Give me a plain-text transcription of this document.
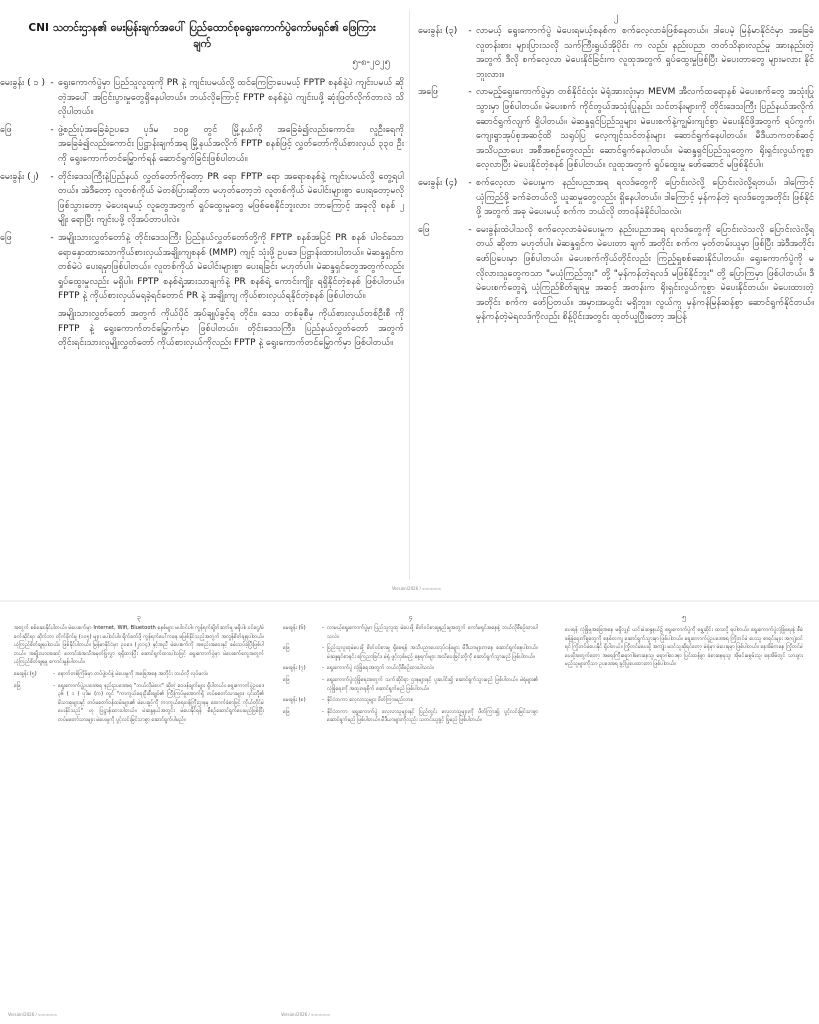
CNI သတင်းဌာန၏ မေးမြန်းချက်အပေါ် ပြည်ထောင်စုရွေးကောက်ပွဲကော်မရှင်၏ ဖြေကြားချက်
၅-၈-၂၀၂၅
မေးခွန်း ( ၁ ) - ရွေးကောက်ပွဲမှာ ပြည်သူလူထုကို PR နဲ့ ကျင်းပမယ်လို့ ထင်ကြေငြာပေမယ့် FPTP စနစ်နဲ့ပဲ ကျင်းပမယ် ဆိုတဲ့အပေါ် အငြင်းပွားမှုတွေရှိနေပါတယ်။ ဘယ်လိုကြောင့် FPTP စနစ်နဲ့ပဲ ကျင်းပဖို့ ဆုံးဖြတ်လိုက်တာလဲ သိလိုပါတယ်။
ဖြေ	- ဖွဲ့စည်းပုံအခြေခံဥပဒေ ပုဒ်မ ၁၀၉ တွင် မြို့နယ်ကို အခြေခံ၍လည်းကောင်း၊ လူဦးရေကိုအခြေခံ၍လည်းကောင်း ပြဋ္ဌာန်းချက်အရ မြို့နယ်အလိုက် FPTP စနစ်ဖြင့် လွှတ်တော်ကိုယ်စားလှယ် ၃၃၀ ဦးကို ရွေးကောက်တင်မြှောက်ရန် ဆောင်ရွက်ခြင်းဖြစ်ပါတယ်။
မေးခွန်း (၂)	- တိုင်းဒေသကြီးနဲ့ပြည်နယ် လွှတ်တော်ကိုတော့ PR ရော FPTP ရော အရောစနစ်နဲ့ ကျင်းပမယ်လို့ တွေ့ရပါတယ်။ အဲဒီတော့ လူတစ်ကိုယ် မဲတစ်ပြားဆိုတာ မဟုတ်တော့ဘဲ လူတစ်ကိုယ် မဲပေါင်းများစွာ ပေးရတော့မလို ဖြစ်သွားတော့ မဲပေးရမယ့် လူတွေအတွက် ရှုပ်ထွေးမှုတွေ မဖြစ်စေနိုင်ဘူးလား ဘာကြောင့် အခုလို စနစ် ၂ မျိုး ရောပြီး ကျင်းပဖို့ လိုအပ်တာပါလဲ။
ဖြေ	- အမျိုးသားလွှတ်တော်နဲ့ တိုင်းဒေသကြီး ပြည်နယ်လွှတ်တော်တို့ကို FPTP စနစ်အပြင် PR စနစ် ပါဝင်သော ရောနှောထားသောကိုယ်စားလှယ်အချိုးကျစနစ် (MMP) ကျင့် သုံးဖို့ ဥပဒေ ပြဋ္ဌာန်းထားပါတယ်။ မဲဆန္ဒရှင်က တစ်မဲပဲ ပေးရမှာဖြစ်ပါတယ်။ လူတစ်ကိုယ် မဲပေါင်းများစွာ ပေးရခြင်း မဟုတ်ပါ။ မဲဆန္ဒရှင်တွေအတွက်လည်း ရှုပ်ထွေးမှုလည်း မရှိပါ။ FPTP စနစ်ရဲ့အားသာချက်နဲ့ PR စနစ်ရဲ့ ကောင်းကျိုး ရရှိနိုင်တဲ့စနစ် ဖြစ်ပါတယ်။ FPTP နဲ့ ကိုယ်စားလှယ်မရခဲ့ရင်တောင် PR နဲ့ အချိုးကျ ကိုယ်စားလှယ်ရနိုင်တဲ့စနစ် ဖြစ်ပါတယ်။
အမျိုးသားလွှတ်တော် အတွက် ကိုယ်ပိုင် အုပ်ချုပ်ခွင့်ရ တိုင်း၊ ဒေသ တစ်ခုစီမှ ကိုယ်စားလှယ်တစ်ဦးစီ ကို FPTP နဲ့ ရွေးကောက်တင်မြှောက်မှာ ဖြစ်ပါတယ်။ တိုင်းဒေသကြီး၊ ပြည်နယ်လွှတ်တော် အတွက် တိုင်းရင်းသားလူမျိုးလွှတ်တော် ကိုယ်စားလှယ်ကိုလည်း FPTP နဲ့ ရွေးကောက်တင်မြှောက်မှာ ဖြစ်ပါတယ်။
၂
မေးခွန်း (၃)	- လာမယ့် ရွေးကောက်ပွဲ မဲပေးရမယ့်စနစ်က စက်လေ့လာခံဖြစ်နေတယ်။ ဒါပေမဲ့ မြန်မာနိုင်ငံမှာ အခြေခံလူတန်းစား များပြားသလို သက်ကြီးရွယ်အိုပိုင်း က လည်း နည်းပညာ တတ်သိနားလည်မှု အားနည်းတဲ့အတွက် ဒီလို စက်လေ့လာ မဲပေးနိုင်ခြင်းက လူထုအတွက် ရှုပ်ထွေးမှုဖြစ်ပြီး မဲပေးတာတွေ များမလား နိုင် ဘူးလား။
အဖြေ	- လာမည့်ရွေးကောက်ပွဲမှာ တစ်နိုင်ငံလုံး မဲရုံအားလုံးမှာ MEVM အီလက်ထရောနစ် မဲပေးစက်တွေ အသုံးပြုသွားမှာ ဖြစ်ပါတယ်။ မဲပေးစက် ကိုင်တွယ်အသုံးပြုနည်း သင်တန်းများကို တိုင်းဒေသကြီး ပြည်နယ်အလိုက် ဆောင်ရွက်လျက် ရှိပါတယ်။ မဲဆန္ဒရှင်ပြည်သူများ မဲပေးစက်နဲ့ကျွမ်းကျင်စွာ မဲပေးနိုင်ဖို့အတွက် ရပ်ကွက်၊ ကျေးရွာအုပ်စုအဆင့်ထိ သရုပ်ပြ လေ့ကျင့်သင်တန်းများ ဆောင်ရွက်နေပါတယ်။ မီဒီယာကတစ်ဆင့် အသိပညာပေး အစီအစဉ်တွေလည်း ဆောင်ရွက်နေပါတယ်။ မဲဆန္ဒရှင်ပြည်သူတွေက ရိုးရှင်းလွယ်ကူစွာ လေ့လာပြီး မဲပေးနိုင်တဲ့စနစ် ဖြစ်ပါတယ်။ လူထုအတွက် ရှုပ်ထွေးမှု ဖော်ဆောင် မဖြစ်နိုင်ပါ။
မေးခွန်း (၄)	- စက်လေ့လာ မဲပေးမှုက နည်းပညာအရ ရလဒ်တွေကို ပြောင်းလဲလို့ ပြောင်းလဲလို့ရတယ်၊ ဒါကြောင့် ယုံကြည်ဖို့ ခက်ခဲတယ်လို့ ယူဆမှုတွေလည်း ရှိနေပါတယ်။ ဒါကြောင့် မှန်ကန်တဲ့ ရလဒ်တွေအတိုင်း ဖြစ်နိုင်ဖို့ အတွက် အခု မဲပေးမယ့် စက်က ဘယ်လို တာဝန်ခံနိုင်ပါသလဲ။
ဖြေ	- မေးခွန်းထဲပါသလို စက်လေ့လာခံမဲပေးမှုက နည်းပညာအရ ရလဒ်တွေကို ပြောင်းလဲသလို ပြောင်းလဲလို့ရတယ် ဆိုတာ မဟုတ်ပါ။ မဲဆန္ဒရှင်က မဲပေးတာ ချက် အတိုင်း စက်က မှတ်တမ်းယူမှာ ဖြစ်ပြီး အဲဒီအတိုင်း ဖော်ပြပေးမှာ ဖြစ်ပါတယ်။ မဲပေးစက်ကိုယ်တိုင်လည်း ကြည့်ရှုစစ်ဆေးနိုင်ပါတယ်။ ရွေးကောက်ပွဲကို မလိုလားသူတွေကသာ "မယုံကြည်ဘူး" တို့ "မှန်ကန်တဲ့ရလဒ် မဖြစ်နိုင်ဘူး" တို့ ပြောကြမှာ ဖြစ်ပါတယ်။ ဒီမဲပေးစက်တွေရဲ့ ယုံကြည်စိတ်ချရမှု အဆင့် အတန်းက ရိုးရှင်းလွယ်ကူစွာ မဲပေးနိုင်တယ်။ မဲပေးထားတဲ့အတိုင်း စက်က ဖော်ပြတယ်။ အမှားအယွင်း မရှိဘူး။ လွယ်ကူ မှန်ကန်မြန်ဆန်စွာ ဆောင်ရွက်နိုင်တယ်။ မှန်ကန်တဲ့မဲရလဒ်ကိုလည်း စိန့်ပိုင်းအတွင်း ထုတ်ယူပြီးတော့ အပြန်
Version/2026 / ဘဘဘဘဘ
၃
အတွက် စစ်ဆေးနိုင်ပါတယ်။ မဲပေးစက်မှာ Internet, Wifi, Bluetooth စနစ်များ မပါဝင်ပါ။ ကွန်ရက်ချိတ်ဆက်မှု မရှိပါ။ ဝင်ငွေ/မဲစက်ဆိုင်ရာ ဆိုက်ဘာ တိုက်ခိုက်မှု (၁၀၅) များ မပါဝင်ပါ။ ရိုက်ခတ်ဖို့ ကွန်ရက်ပေါ်ကနေ မဖြစ်နိုင်သည့်အတွက် အလွန်စိတ်ချရပါတယ်။ ယုံကြည်စိတ်ချရပါတယ်။ ဖြစ်နိုင်ပါတယ်။ မြန်မာနိုင်ငံမှာ ဥပဒေ (၂၀၁၄) နှင့်အညီ မဲပေးစက်ကို အစည်းအဝေးနှင့် စမ်းသပ်ခဲ့ပြီးဖြစ်ပါတယ်။ အမျိုးသားအဆင့် တောင်းခံအသိအမှတ်ပြုလွှာ ရရှိထားပြီး ဆောင်ရွက်ထားပါသဖြင့် ရွေးကောက်ပွဲမှာ မဲပေးစက်တွေအတွက် ယုံကြည်စိတ်ချရမှု ကောင်းမွန်ပါတယ်။
မေးခွန်း (၅)	- နောက်တစ်ကြိမ်မှာ တပ်ဖွဲ့ဝင်နဲ့ မဲပေးမှုကို အခြေအနေ အတိုင်း ဘယ်လို လုပ်မလဲ။
ဖြေ	- ရွေးကောက်ပွဲဥပဒေအရ နည်းဥပဒေအရ "ဘယ်လိုမဲပေး" ဆိုတဲ့ ဝေဖန်ချက်များ ရှိပါတယ်။ ရွေးကောက်ပွဲဥပဒေ ၃၆ ( ၁ ) ပုဒ်မ (က) တွင် "ကာကွယ်ရေးဦးစီးချုပ်၏ ကြီးကြပ်မှုအောက်ရှိ တပ်မတော်သားများ၊ ၎င်းတို့၏ မိသားစုများနှင့် တပ်မတော်ဝန်ထမ်းများ၏ မဲပေးခွင့်ကို ကာကွယ်ရေးဝန်ကြီးဌာနမှ ထောက်ခံစာဖြင့် ကိုယ်တိုင်မဲပေးနိုင်သည်" ဟု ပြဋ္ဌာန်းထားပါတယ်။ မဲဆန္ဒနယ်အတွင်း မဲပေးနိုင်ရန် စီစဉ်ဆောင်ရွက်ပေးမည်ဖြစ်ပြီး တပ်မတော်သားများ မဲပေးမှုကို ပွင့်လင်းမြင်သာစွာ ဆောင်ရွက်ပါမည်။
Version/2026 / ဘဘဘဘဘ
၄
မေးခွန်း (၆)	- လာမယ့်ရွေးကောက်ပွဲမှာ ပြည်သူလူထု မဲပေးဖို့ စိတ်ဝင်စားမှုနည်းမှုအတွက် ကော်မရှင်အနေနဲ့ ဘယ်လိုစီစဉ်ထားပါသလဲ။
ဖြေ	- ပြည်သူလူထုမဲပေးဖို့ စိတ်ဝင်စားမှု ရှိစေရန် အသိပညာပေးလုပ်ငန်းများ မီဒီယာများကနေ ဆောင်ရွက်နေပါတယ်။ မဲဆန္ဒရှင်စာရင်း ကြေညာခြင်း၊ မဲရုံ ဖွင့်လှစ်မည့် နေ့ရက်များ အသိပေးခြင်းတို့ကို ဆောင်ရွက်သွားမည် ဖြစ်ပါတယ်။
မေးခွန်း (၇)	- ရွေးကောက်ပွဲ လုံခြုံရေးအတွက် ဘယ်လိုစီစဉ်ထားပါသလဲ။
ဖြေ	- ရွေးကောက်ပွဲလုံခြုံရေးအတွက် သက်ဆိုင်ရာ ဌာနများနှင့် ပူးပေါင်း၍ ဆောင်ရွက်သွားမည် ဖြစ်ပါတယ်။ မဲရုံများ၏ လုံခြုံရေးကို အထူးဂရုစိုက် ဆောင်ရွက်မည် ဖြစ်ပါတယ်။
မေးခွန်း (၈)	- နိုင်ငံတကာ လေ့လာသူများ ဖိတ်ကြားမည်လား။
ဖြေ	- နိုင်ငံတကာ ရွေးကောက်ပွဲ လေ့လာသူများနှင့် ပြည်တွင်း လေ့လာသူများကို ဖိတ်ကြား၍ ပွင့်လင်းမြင်သာစွာ ဆောင်ရွက်မည် ဖြစ်ပါတယ်။ မီဒီယာများကိုလည်း သတင်းယူခွင့် ပြုမည် ဖြစ်ပါတယ်။
Version/2026 / ဘဘဘဘဘ
၅
ပေးရန် လုံခြုံမှုအခြေအနေ မရှိလျှင် ယင်းမဲဆန္ဒနယ်၌ ရွေးကောက်ပွဲကို ရွှေ့ဆိုင်း ထားလို့ ရပါတယ်။ ရွေးကောက်ပွဲလုံခြုံရေးနဲ့ စီမံခန့်ခွဲရေးကိစ္စတွေကို စနစ်တကျ ဆောင်ရွက်သွားမှာ ဖြစ်ပါတယ်။ ရွေးကောက်ပွဲဥပဒေအရ ကြိုတင်မဲ ပေးသူ စာရင်းများ အကျုံးဝင်ရင် ကြိုတင်မဲပေးနိုင် ရှိပါတယ်။ ကြိုတင်မဲပေးဖို့ အကျုံး မဝင်သူဆိုရင်တော့ မဲရုံမှာ မဲပေးရမှာ ဖြစ်ပါတယ်။ နေအိမ်ကနေ ကြိုတင်မဲပေးဖို့အတွက်တော့ အရေးကြီးရောဂါခံစားနေသူ၊ ရောဂါဝေဒနာ ပြင်းထန်စွာ ခံစားနေရသူ၊ အိုမင်းမစွမ်းသူ၊ နေအိမ်တွင် သားဖွားမည့်သူများကိုသာ ဥပဒေအရ ခွင့်ပြုပေးထားတာ ဖြစ်ပါတယ်။
